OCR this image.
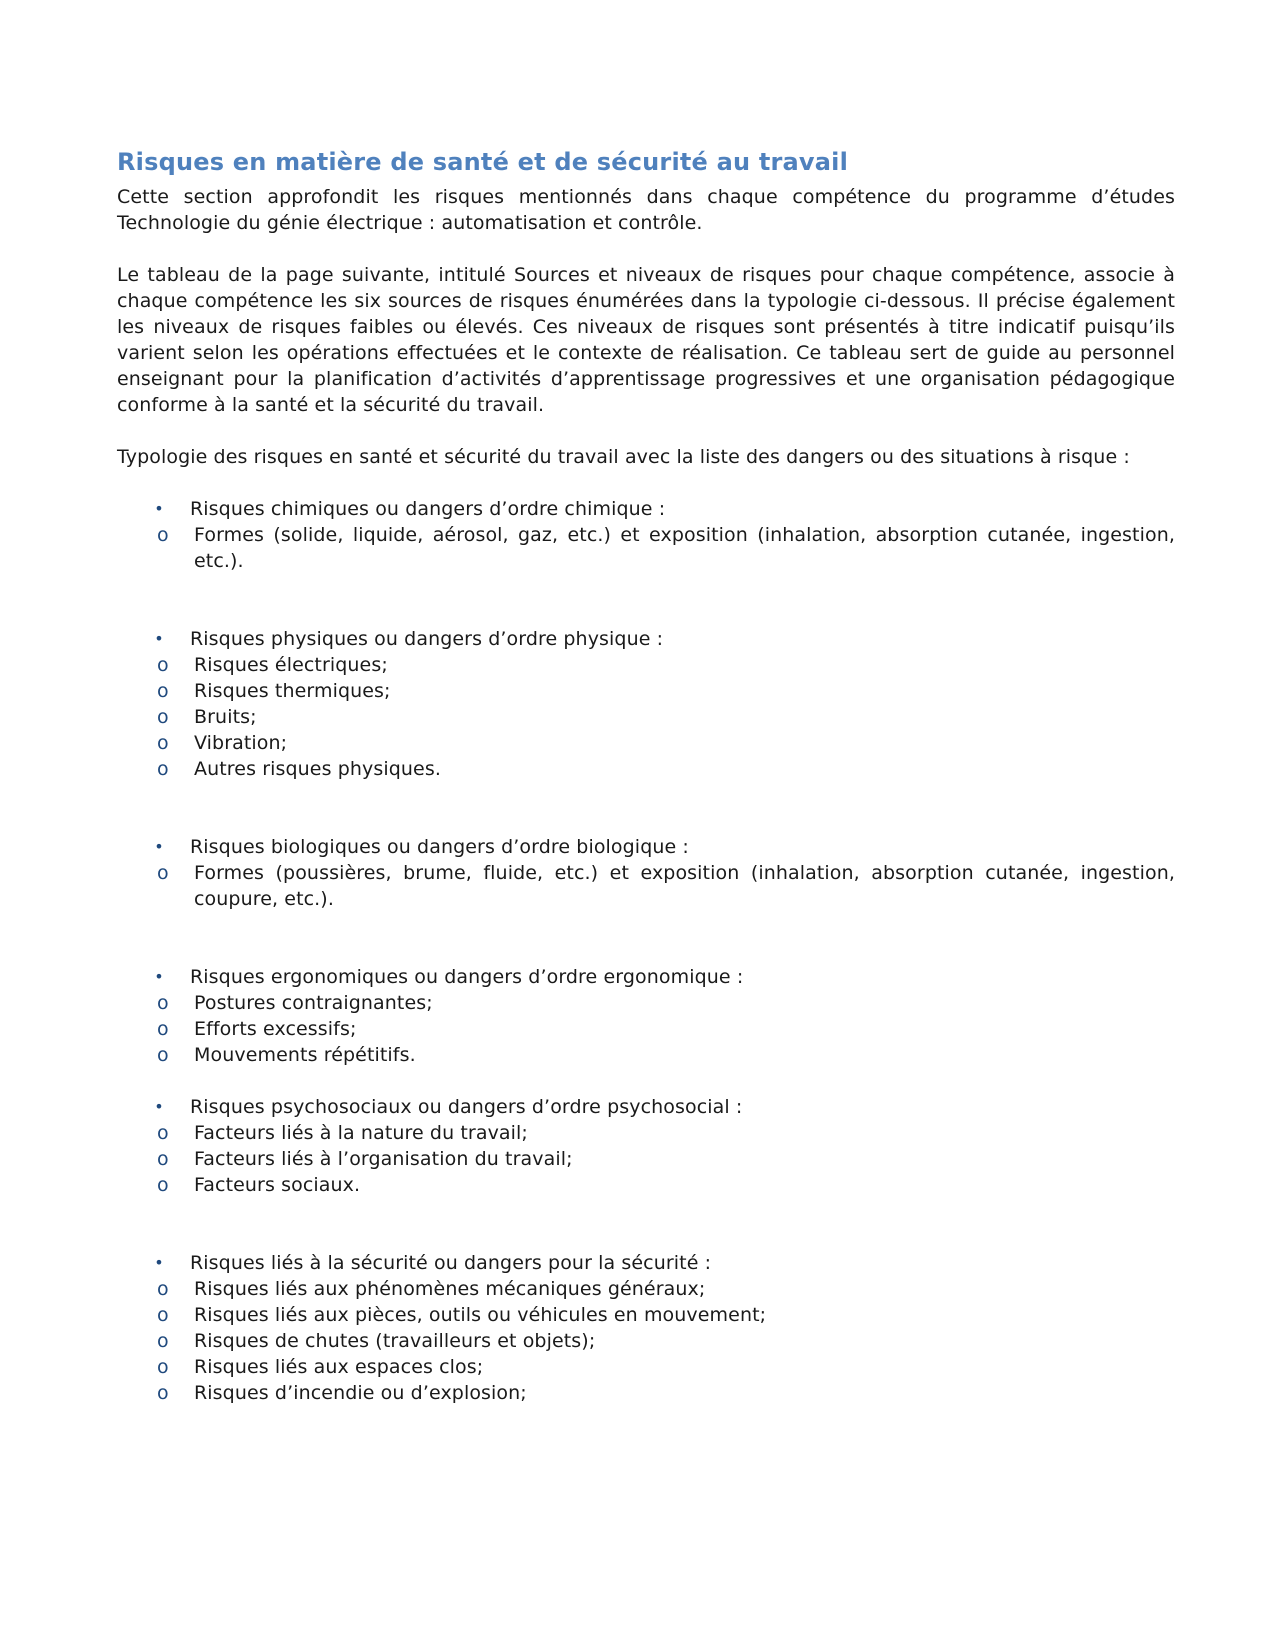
Risques en matière de santé et de sécurité au travail

Cette section approfondit les risques mentionnés dans chaque compétence du programme d’études Technologie du génie électrique : automatisation et contrôle.

Le tableau de la page suivante, intitulé Sources et niveaux de risques pour chaque compétence, associe à chaque compétence les six sources de risques énumérées dans la typologie ci-dessous. Il précise également les niveaux de risques faibles ou élevés. Ces niveaux de risques sont présentés à titre indicatif puisqu’ils varient selon les opérations effectuées et le contexte de réalisation. Ce tableau sert de guide au personnel enseignant pour la planification d’activités d’apprentissage progressives et une organisation pédagogique conforme à la santé et la sécurité du travail.

Typologie des risques en santé et sécurité du travail avec la liste des dangers ou des situations à risque :

• Risques chimiques ou dangers d’ordre chimique :
o Formes (solide, liquide, aérosol, gaz, etc.) et exposition (inhalation, absorption cutanée, ingestion, etc.).
• Risques physiques ou dangers d’ordre physique :
o Risques électriques;
o Risques thermiques;
o Bruits;
o Vibration;
o Autres risques physiques.
• Risques biologiques ou dangers d’ordre biologique :
o Formes (poussières, brume, fluide, etc.) et exposition (inhalation, absorption cutanée, ingestion, coupure, etc.).
• Risques ergonomiques ou dangers d’ordre ergonomique :
o Postures contraignantes;
o Efforts excessifs;
o Mouvements répétitifs.
• Risques psychosociaux ou dangers d’ordre psychosocial :
o Facteurs liés à la nature du travail;
o Facteurs liés à l’organisation du travail;
o Facteurs sociaux.
• Risques liés à la sécurité ou dangers pour la sécurité :
o Risques liés aux phénomènes mécaniques généraux;
o Risques liés aux pièces, outils ou véhicules en mouvement;
o Risques de chutes (travailleurs et objets);
o Risques liés aux espaces clos;
o Risques d’incendie ou d’explosion;
